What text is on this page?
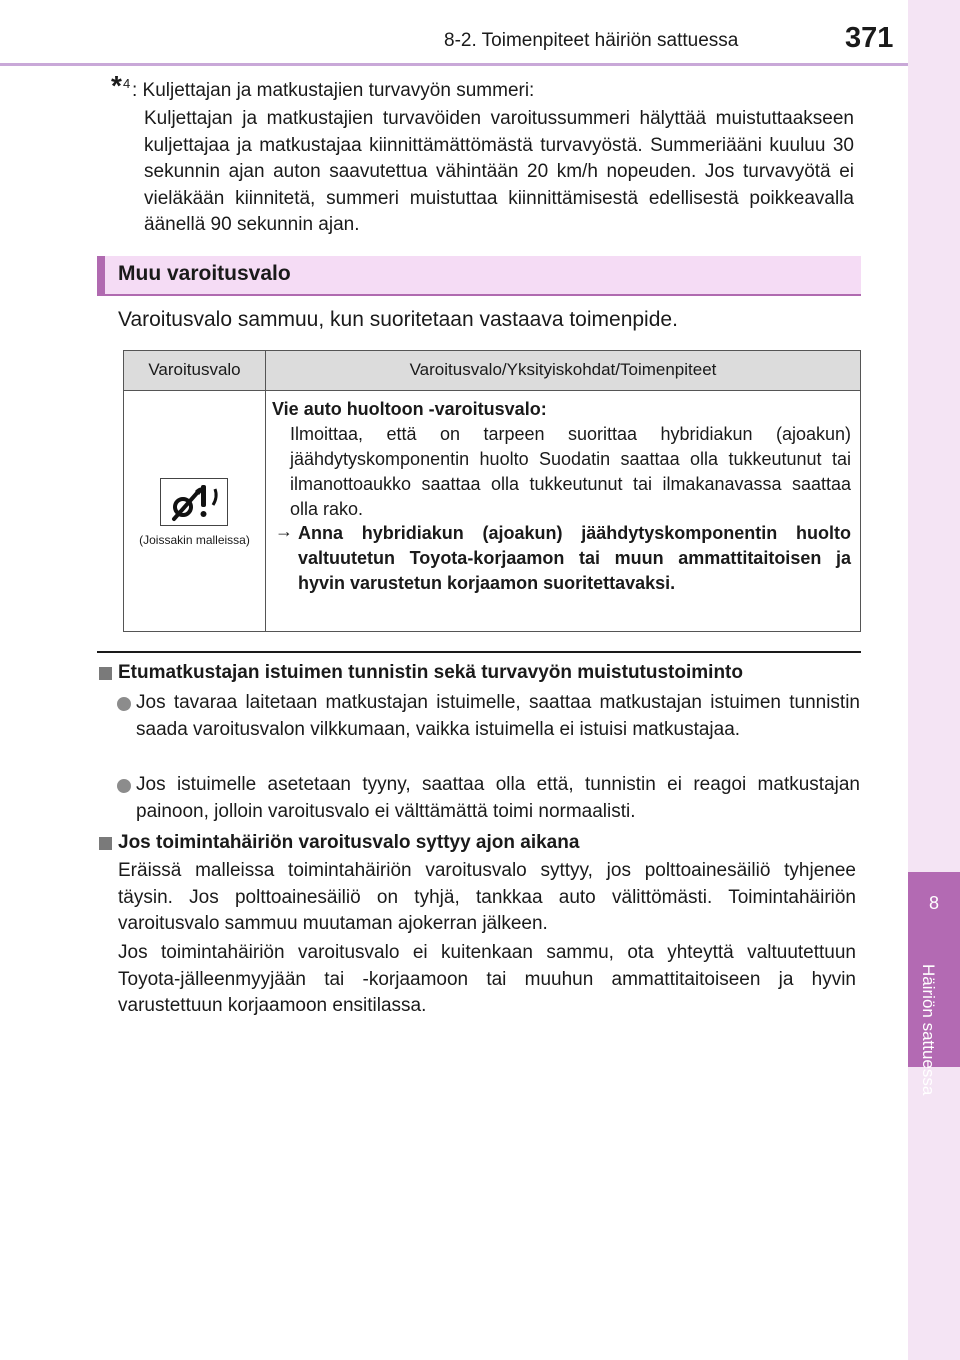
8-2. Toimenpiteet häiriön sattuessa	371
8
Häiriön sattuessa
* 4 : Kuljettajan ja matkustajien turvavyön summeri:

Kuljettajan ja matkustajien turvavöiden varoitussummeri hälyttää muistuttaakseen kuljettajaa ja matkustajaa kiinnittämättömästä turvavyöstä. Summeriääni kuuluu 30 sekunnin ajan auton saavutettua vähintään 20 km/h nopeuden. Jos turvavyötä ei vieläkään kiinnitetä, summeri muistuttaa kiinnittämisestä edellisestä poikkeavalla äänellä 90 sekunnin ajan.

Muu varoitusvalo
Varoitusvalo sammuu, kun suoritetaan vastaava toimenpide.
Varoitusvalo	Varoitusvalo/Yksityiskohdat/Toimenpiteet
(Joissakin malleissa)
Vie auto huoltoon -varoitusvalo:

Ilmoittaa, että on tarpeen suorittaa hybridiakun (ajoakun) jäähdytyskomponentin huolto Suodatin saattaa olla tukkeutunut tai ilmanottoaukko saattaa olla tukkeutunut tai ilmakanavassa saattaa olla rako.

→ Anna hybridiakun (ajoakun) jäähdytyskomponentin huolto valtuutetun Toyota-korjaamon tai muun ammattitaitoisen ja hyvin varustetun korjaamon suoritettavaksi.

Etumatkustajan istuimen tunnistin sekä turvavyön muistutustoiminto

Jos tavaraa laitetaan matkustajan istuimelle, saattaa matkustajan istuimen tunnistin saada varoitusvalon vilkkumaan, vaikka istuimella ei istuisi matkustajaa.

Jos istuimelle asetetaan tyyny, saattaa olla että, tunnistin ei reagoi matkustajan painoon, jolloin varoitusvalo ei välttämättä toimi normaalisti.

Jos toimintahäiriön varoitusvalo syttyy ajon aikana

Eräissä malleissa toimintahäiriön varoitusvalo syttyy, jos polttoainesäiliö tyhjenee täysin. Jos polttoainesäiliö on tyhjä, tankkaa auto välittömästi. Toimintahäiriön varoitusvalo sammuu muutaman ajokerran jälkeen.

Jos toimintahäiriön varoitusvalo ei kuitenkaan sammu, ota yhteyttä valtuutettuun Toyota-jälleenmyyjään tai -korjaamoon tai muuhun ammattitaitoiseen ja hyvin varustettuun korjaamoon ensitilassa.
